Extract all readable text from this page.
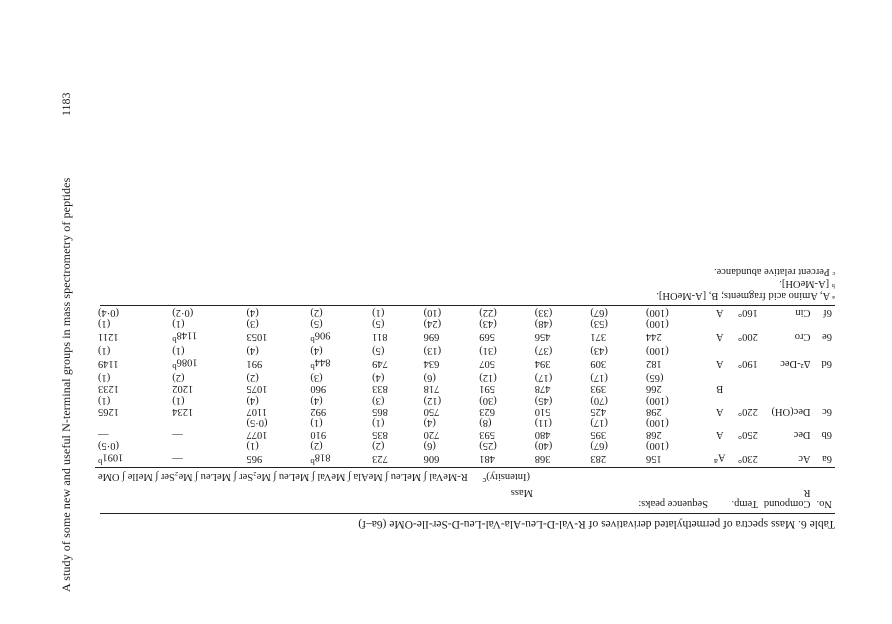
A study of some new and useful N-terminal groups in mass spectrometry of peptides
1183
Table 6. Mass spectra of permethylated derivatives of R-Val-D-Leu-Ala-Val-Leu-D-Ser-Ile-OMe (6a–f)
No.	Compound	Temp.		Sequence peaks:									
	R			Mass									
				(Intensity)$^c$ R-MeVal ∫ MeLeu ∫ MeAla ∫ MeVal ∫ MeLeu ∫ Me₂Ser ∫ MeLeu ∫ Me₂Ser ∫ MeIle ∫ OMe									
6a	Ac	230°	$A^a$	156	283	368	481	606	723	818$^b$	965	—	1091$^b$
				(100)	(67)	(40)	(25)	(6)	(2)	(2)	(1)		(0·5)
6b	Dec	250°	A	268	395	480	593	720	835	910	1077	—	—
				(100)	(17)	(11)	(8)	(4)	(1)	(1)	(0·5)		
6c	Dec(OH)	220°	A	298	425	510	623	750	865	992	1107	1234	1265
				(100)	(70)	(45)	(30)	(12)	(3)	(4)	(4)	(1)	(1)
			B	266	393	478	591	718	833	960	1075	1202	1233
				(65)	(17)	(17)	(12)	(6)	(4)	(3)	(2)	(2)	(1)
6d	Δ²-Dec	190°	A	182	309	394	507	634	749	844$^b$	991	1086$^b$	1149
				(100)	(43)	(37)	(31)	(13)	(5)	(4)	(4)	(1)	(1)
6e	Cro	200°	A	244	371	456	569	696	811	906$^b$	1053	1148$^b$	1211
				(100)	(53)	(48)	(43)	(24)	(5)	(5)	(3)	(1)	(1)
6f	Cin	160°	A	(100)	(67)	(33)	(22)	(10)	(1)	(2)	(4)	(0·2)	(0·4)
ᵃ A, Amino acid fragments; B, [A-MeOH].
ᵇ [A-MeOH].
ᶜ Percent relative abundance.
